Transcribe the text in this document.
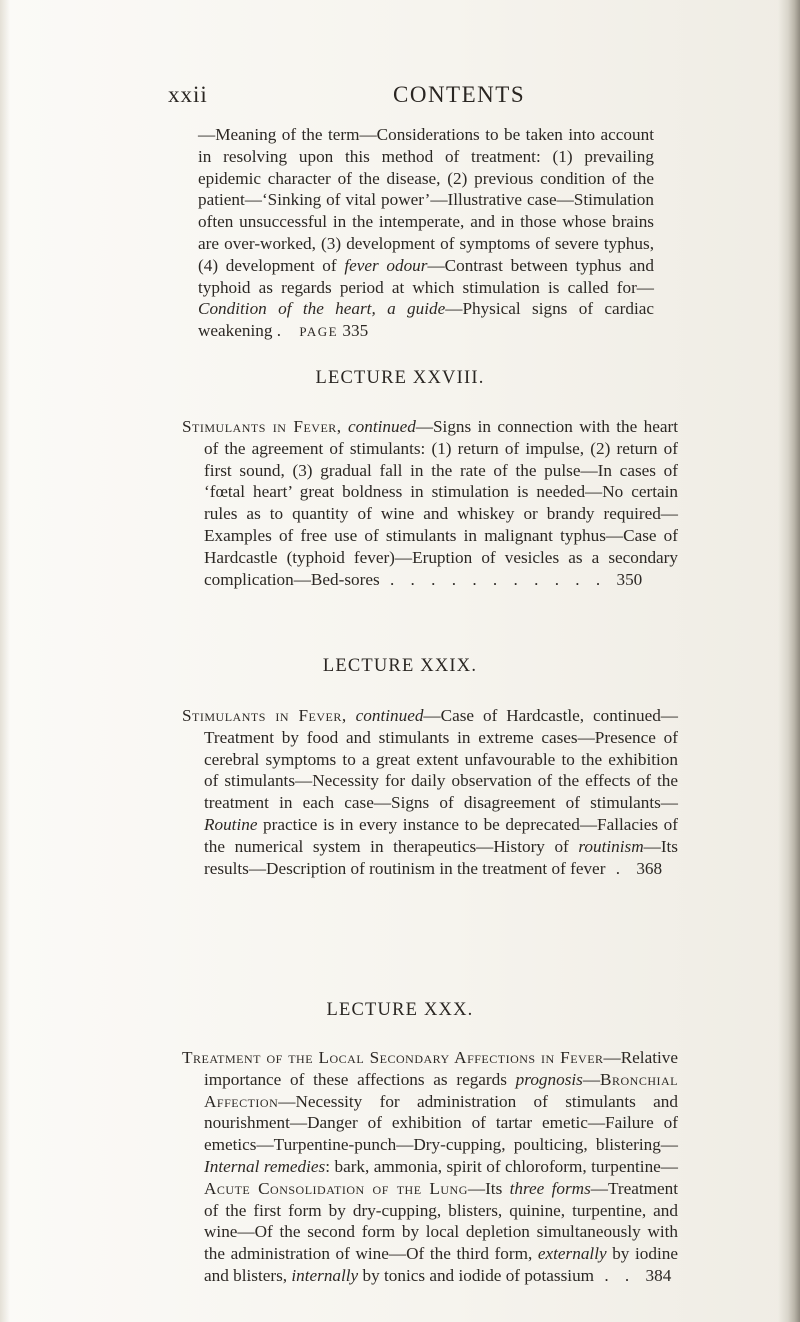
xxii	CONTENTS
—Meaning of the term—Considerations to be taken into account in resolving upon this method of treatment: (1) prevailing epidemic character of the disease, (2) previous condition of the patient—‘Sinking of vital power’—Illustrative case—Stimulation often unsuccessful in the intemperate, and in those whose brains are over-worked, (3) development of symptoms of severe typhus, (4) development of fever odour—Contrast between typhus and typhoid as regards period at which stimulation is called for—Condition of the heart, a guide—Physical signs of cardiac weakening . PAGE 335
LECTURE XXVIII.
Stimulants in Fever, continued—Signs in connection with the heart of the agreement of stimulants: (1) return of impulse, (2) return of first sound, (3) gradual fall in the rate of the pulse—In cases of ‘fœtal heart’ great boldness in stimulation is needed—No certain rules as to quantity of wine and whiskey or brandy required—Examples of free use of stimulants in malignant typhus—Case of Hardcastle (typhoid fever)—Eruption of vesicles as a secondary complication—Bed-sores . . . . . . . . . . . 350
LECTURE XXIX.
Stimulants in Fever, continued—Case of Hardcastle, continued—Treatment by food and stimulants in extreme cases—Presence of cerebral symptoms to a great extent unfavourable to the exhibition of stimulants—Necessity for daily observation of the effects of the treatment in each case—Signs of disagreement of stimulants—Routine practice is in every instance to be deprecated—Fallacies of the numerical system in therapeutics—History of routinism—Its results—Description of routinism in the treatment of fever . 368
LECTURE XXX.
Treatment of the Local Secondary Affections in Fever—Relative importance of these affections as regards prognosis—Bronchial Affection—Necessity for administration of stimulants and nourishment—Danger of exhibition of tartar emetic—Failure of emetics—Turpentine-punch—Dry-cupping, poulticing, blistering—Internal remedies: bark, ammonia, spirit of chloroform, turpentine—Acute Consolidation of the Lung—Its three forms—Treatment of the first form by dry-cupping, blisters, quinine, turpentine, and wine—Of the second form by local depletion simultaneously with the administration of wine—Of the third form, externally by iodine and blisters, internally by tonics and iodide of potassium . . 384
